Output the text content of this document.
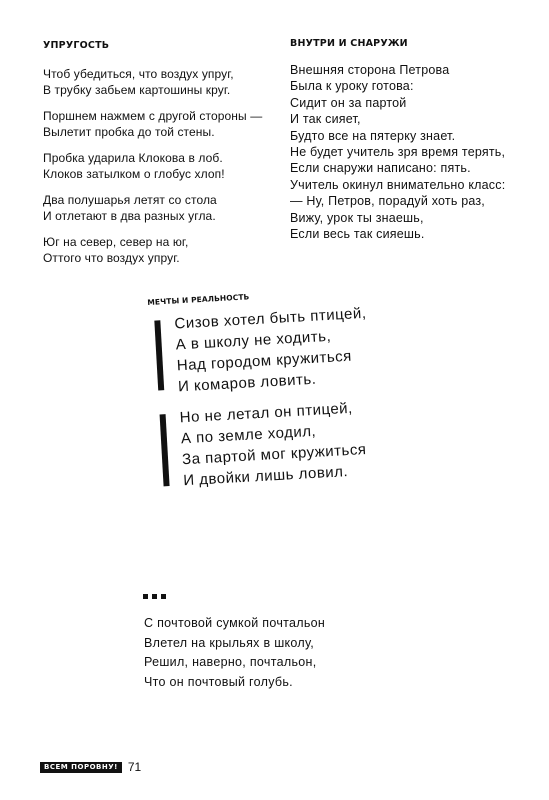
УПРУГОСТЬ
Чтоб убедиться, что воздух упруг,
В трубку забьем картошины круг.
Поршнем нажмем с другой стороны —
Вылетит пробка до той стены.
Пробка ударила Клокова в лоб.
Клоков затылком о глобус хлоп!
Два полушарья летят со стола
И отлетают в два разных угла.
Юг на север, север на юг,
Оттого что воздух упруг.
ВНУТРИ И СНАРУЖИ
Внешняя сторона Петрова
Была к уроку готова:
Сидит он за партой
И так сияет,
Будто все на пятерку знает.
Не будет учитель зря время терять,
Если снаружи написано: пять.
Учитель окинул внимательно класс:
— Ну, Петров, порадуй хоть раз,
Вижу, урок ты знаешь,
Если весь так сияешь.
МЕЧТЫ И РЕАЛЬНОСТЬ
Сизов хотел быть птицей,
А в школу не ходить,
Над городом кружиться
И комаров ловить.
Но не летал он птицей,
А по земле ходил,
За партой мог кружиться
И двойки лишь ловил.
С почтовой сумкой почтальон
Влетел на крыльях в школу,
Решил, наверно, почтальон,
Что он почтовый голубь.
ВСЕМ ПОРОВНУ! 71
